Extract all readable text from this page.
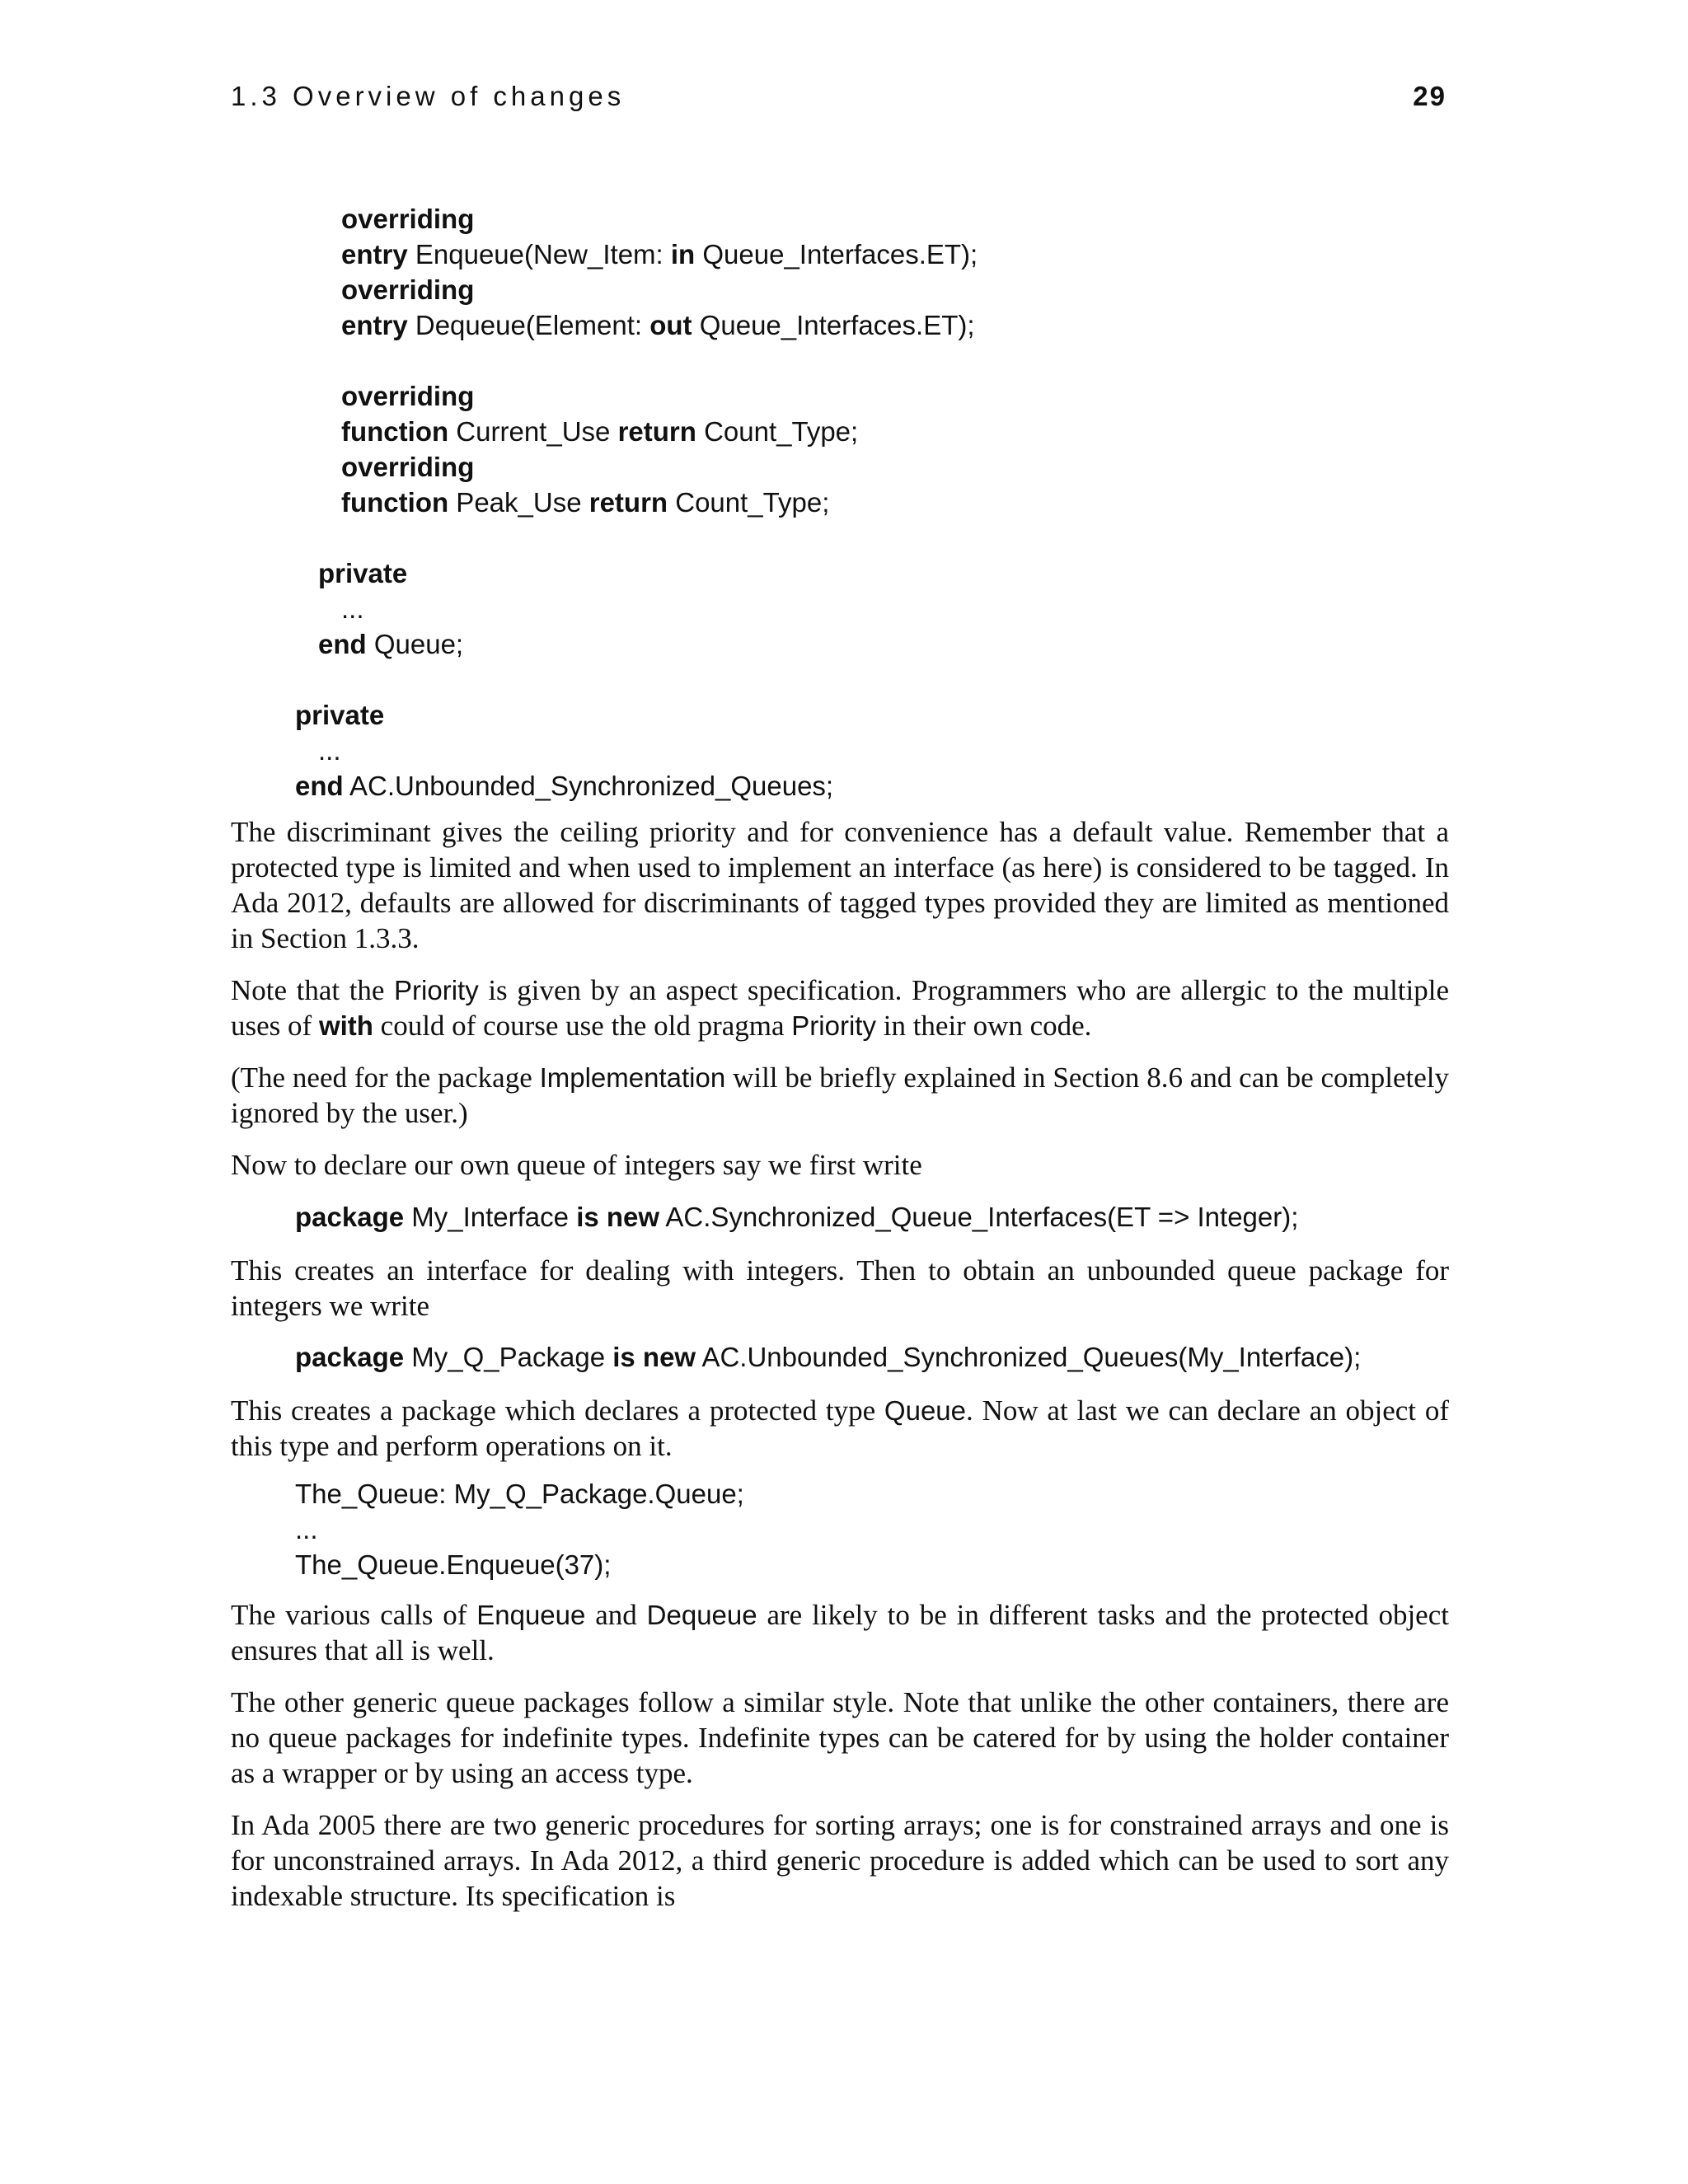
1.3 Overview of changes	29
overriding
entry Enqueue(New_Item: in Queue_Interfaces.ET);
overriding
entry Dequeue(Element: out Queue_Interfaces.ET);
overriding
function Current_Use return Count_Type;
overriding
function Peak_Use return Count_Type;
private
...
end Queue;
private
...
end AC.Unbounded_Synchronized_Queues;

The discriminant gives the ceiling priority and for convenience has a default value. Remember that a protected type is limited and when used to implement an interface (as here) is considered to be tagged. In Ada 2012, defaults are allowed for discriminants of tagged types provided they are limited as mentioned in Section 1.3.3.

Note that the Priority is given by an aspect specification. Programmers who are allergic to the multiple uses of with could of course use the old pragma Priority in their own code.

(The need for the package Implementation will be briefly explained in Section 8.6 and can be completely ignored by the user.)

Now to declare our own queue of integers say we first write

package My_Interface is new AC.Synchronized_Queue_Interfaces(ET => Integer);

This creates an interface for dealing with integers. Then to obtain an unbounded queue package for integers we write

package My_Q_Package is new AC.Unbounded_Synchronized_Queues(My_Interface);

This creates a package which declares a protected type Queue. Now at last we can declare an object of this type and perform operations on it.

The_Queue: My_Q_Package.Queue;
...
The_Queue.Enqueue(37);

The various calls of Enqueue and Dequeue are likely to be in different tasks and the protected object ensures that all is well.

The other generic queue packages follow a similar style. Note that unlike the other containers, there are no queue packages for indefinite types. Indefinite types can be catered for by using the holder container as a wrapper or by using an access type.

In Ada 2005 there are two generic procedures for sorting arrays; one is for constrained arrays and one is for unconstrained arrays. In Ada 2012, a third generic procedure is added which can be used to sort any indexable structure. Its specification is
